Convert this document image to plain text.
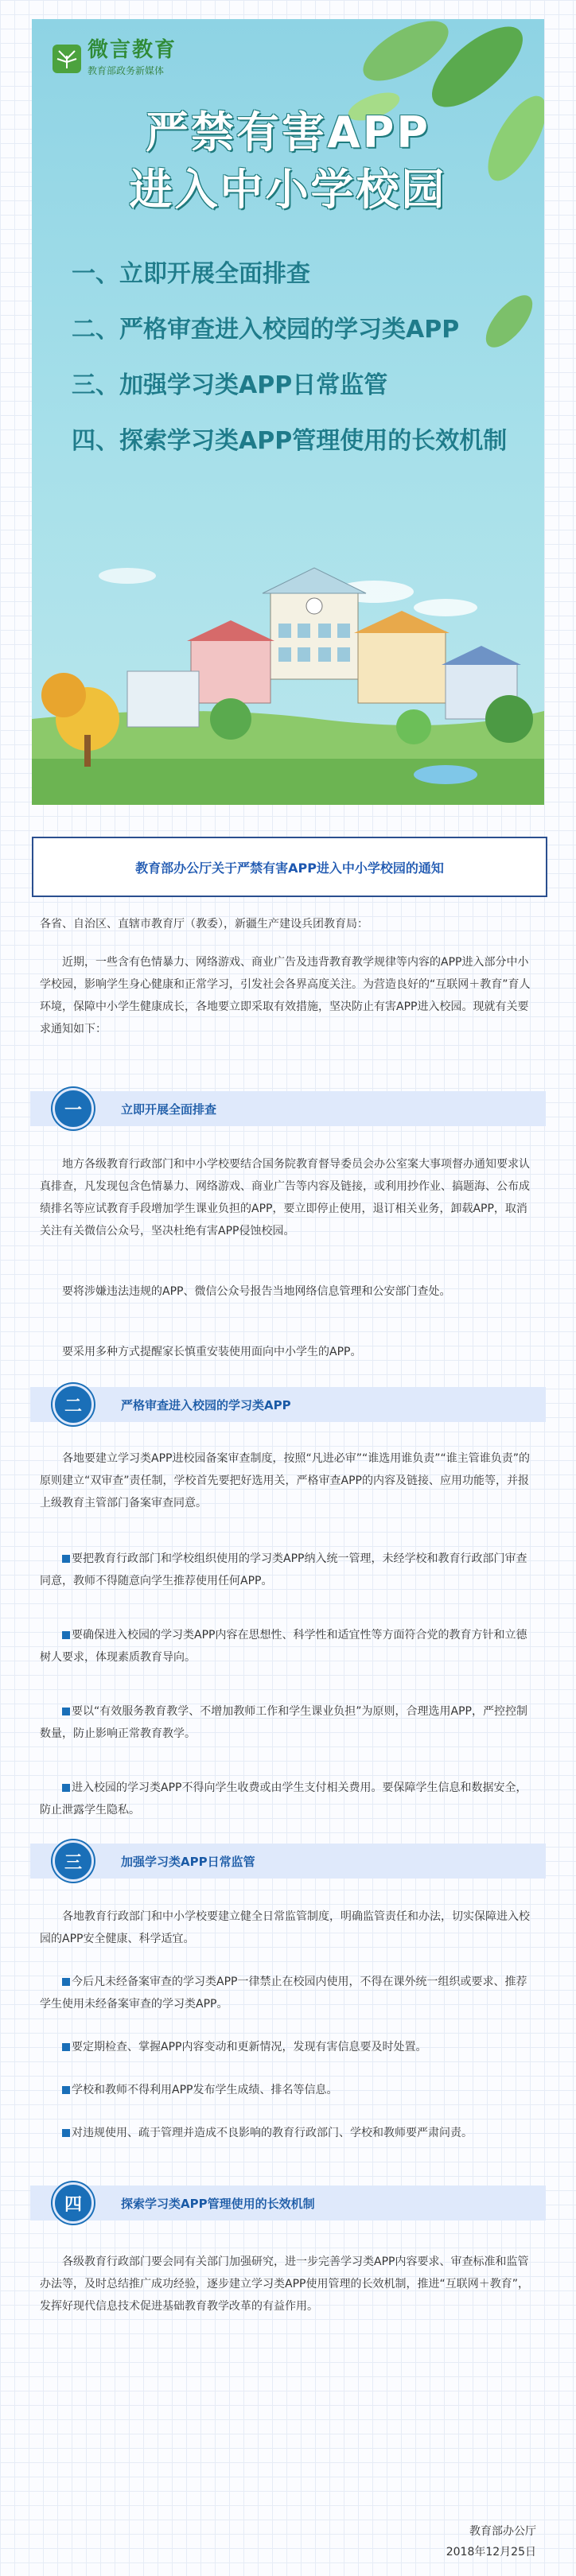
微言教育
教育部政务新媒体
严禁有害APP
进入中小学校园
一、 立即开展全面排查
二、 严格审查进入校园的学习类APP
三、 加强学习类APP日常监管
四、 探索学习类APP管理使用的长效机制
教育部办公厅关于严禁有害APP进入中小学校园的通知

各省、自治区、直辖市教育厅（教委），新疆生产建设兵团教育局：

近期，一些含有色情暴力、网络游戏、商业广告及违背教育教学规律等内容的APP进入部分中小学校园，影响学生身心健康和正常学习，引发社会各界高度关注。为营造良好的“互联网＋教育”育人环境，保障中小学生健康成长，各地要立即采取有效措施，坚决防止有害APP进入校园。现就有关要求通知如下：

一	立即开展全面排查

地方各级教育行政部门和中小学校要结合国务院教育督导委员会办公室案大事项督办通知要求认真排查，凡发现包含色情暴力、网络游戏、商业广告等内容及链接，或利用抄作业、搞题海、公布成绩排名等应试教育手段增加学生课业负担的APP，要立即停止使用，退订相关业务，卸载APP，取消关注有关微信公众号，坚决杜绝有害APP侵蚀校园。

要将涉嫌违法违规的APP、微信公众号报告当地网络信息管理和公安部门查处。

要采用多种方式提醒家长慎重安装使用面向中小学生的APP。

二	严格审查进入校园的学习类APP

各地要建立学习类APP进校园备案审查制度，按照“凡进必审”“谁选用谁负责”“谁主管谁负责”的原则建立“双审查”责任制，学校首先要把好选用关，严格审查APP的内容及链接、应用功能等，并报上级教育主管部门备案审查同意。

要把教育行政部门和学校组织使用的学习类APP纳入统一管理，未经学校和教育行政部门审查同意，教师不得随意向学生推荐使用任何APP。

要确保进入校园的学习类APP内容在思想性、科学性和适宜性等方面符合党的教育方针和立德树人要求，体现素质教育导向。

要以“有效服务教育教学、不增加教师工作和学生课业负担”为原则，合理选用APP，严控控制数量，防止影响正常教育教学。

进入校园的学习类APP不得向学生收费或由学生支付相关费用。要保障学生信息和数据安全，防止泄露学生隐私。

三	加强学习类APP日常监管

各地教育行政部门和中小学校要建立健全日常监管制度，明确监管责任和办法，切实保障进入校园的APP安全健康、科学适宜。

今后凡未经备案审查的学习类APP一律禁止在校园内使用，不得在课外统一组织或要求、推荐学生使用未经备案审查的学习类APP。

要定期检查、掌握APP内容变动和更新情况，发现有害信息要及时处置。

学校和教师不得利用APP发布学生成绩、排名等信息。

对违规使用、疏于管理并造成不良影响的教育行政部门、学校和教师要严肃问责。

四	探索学习类APP管理使用的长效机制

各级教育行政部门要会同有关部门加强研究，进一步完善学习类APP内容要求、审查标准和监管办法等，及时总结推广成功经验，逐步建立学习类APP使用管理的长效机制，推进“互联网＋教育”，发挥好现代信息技术促进基础教育教学改革的有益作用。

教育部办公厅
2018年12月25日
